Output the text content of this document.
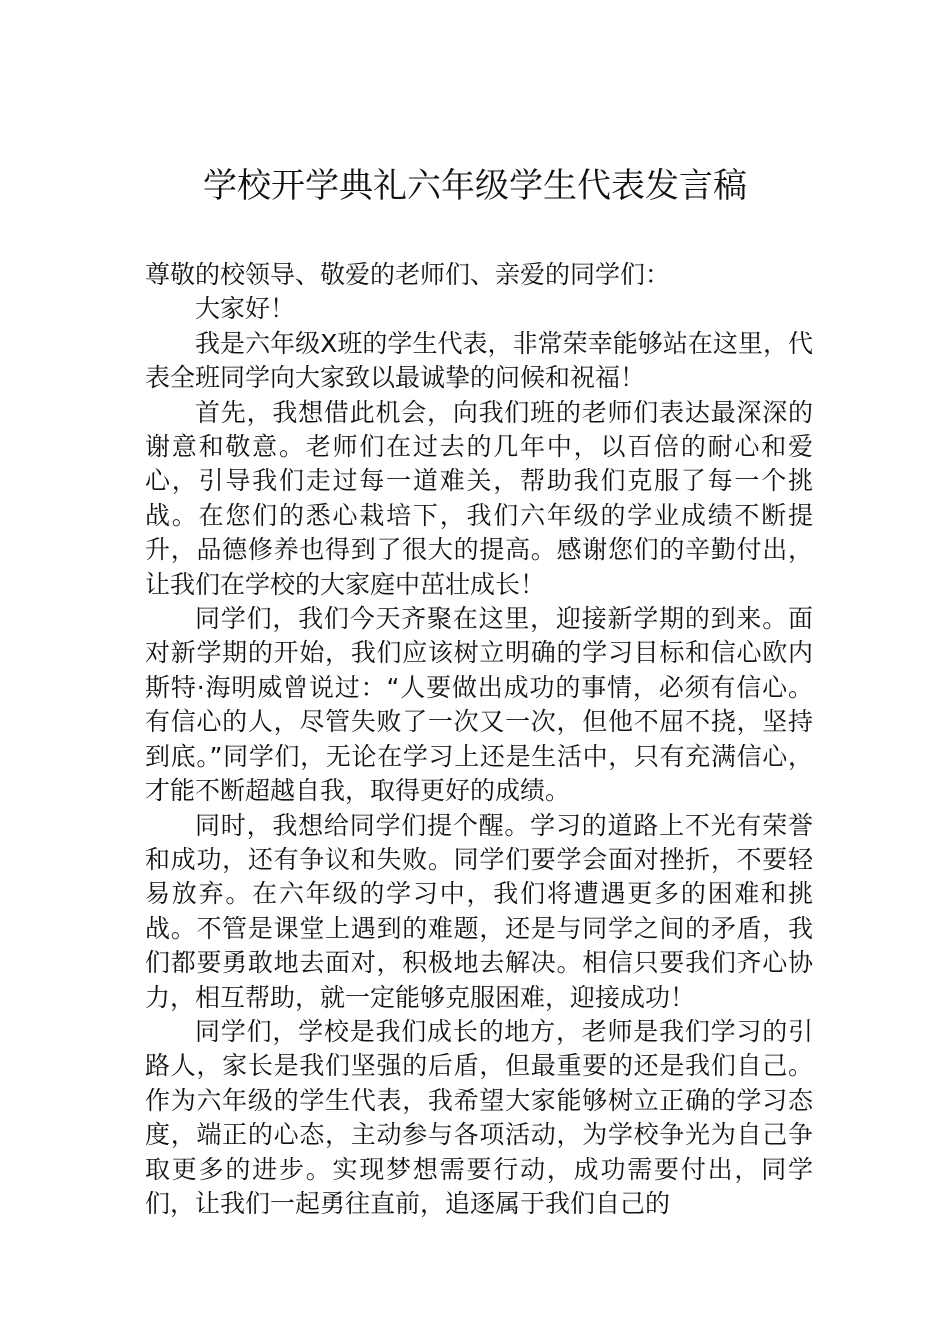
学校开学典礼六年级学生代表发言稿

尊敬的校领导、敬爱的老师们、亲爱的同学们：

大家好！

我是六年级X班的学生代表，非常荣幸能够站在这里，代表全班同学向大家致以最诚挚的问候和祝福！

首先，我想借此机会，向我们班的老师们表达最深深的谢意和敬意。老师们在过去的几年中，以百倍的耐心和爱心，引导我们走过每一道难关，帮助我们克服了每一个挑战。在您们的悉心栽培下，我们六年级的学业成绩不断提升，品德修养也得到了很大的提高。感谢您们的辛勤付出，让我们在学校的大家庭中茁壮成长！

同学们，我们今天齐聚在这里，迎接新学期的到来。面对新学期的开始，我们应该树立明确的学习目标和信心欧内斯特·海明威曾说过：“人要做出成功的事情，必须有信心。有信心的人，尽管失败了一次又一次，但他不屈不挠，坚持到底。”同学们，无论在学习上还是生活中，只有充满信心，才能不断超越自我，取得更好的成绩。

同时，我想给同学们提个醒。学习的道路上不光有荣誉和成功，还有争议和失败。同学们要学会面对挫折，不要轻易放弃。在六年级的学习中，我们将遭遇更多的困难和挑战。不管是课堂上遇到的难题，还是与同学之间的矛盾，我们都要勇敢地去面对，积极地去解决。相信只要我们齐心协力，相互帮助，就一定能够克服困难，迎接成功！

同学们，学校是我们成长的地方，老师是我们学习的引路人，家长是我们坚强的后盾，但最重要的还是我们自己。作为六年级的学生代表，我希望大家能够树立正确的学习态度，端正的心态，主动参与各项活动，为学校争光为自己争取更多的进步。实现梦想需要行动，成功需要付出，同学们，让我们一起勇往直前，追逐属于我们自己的
